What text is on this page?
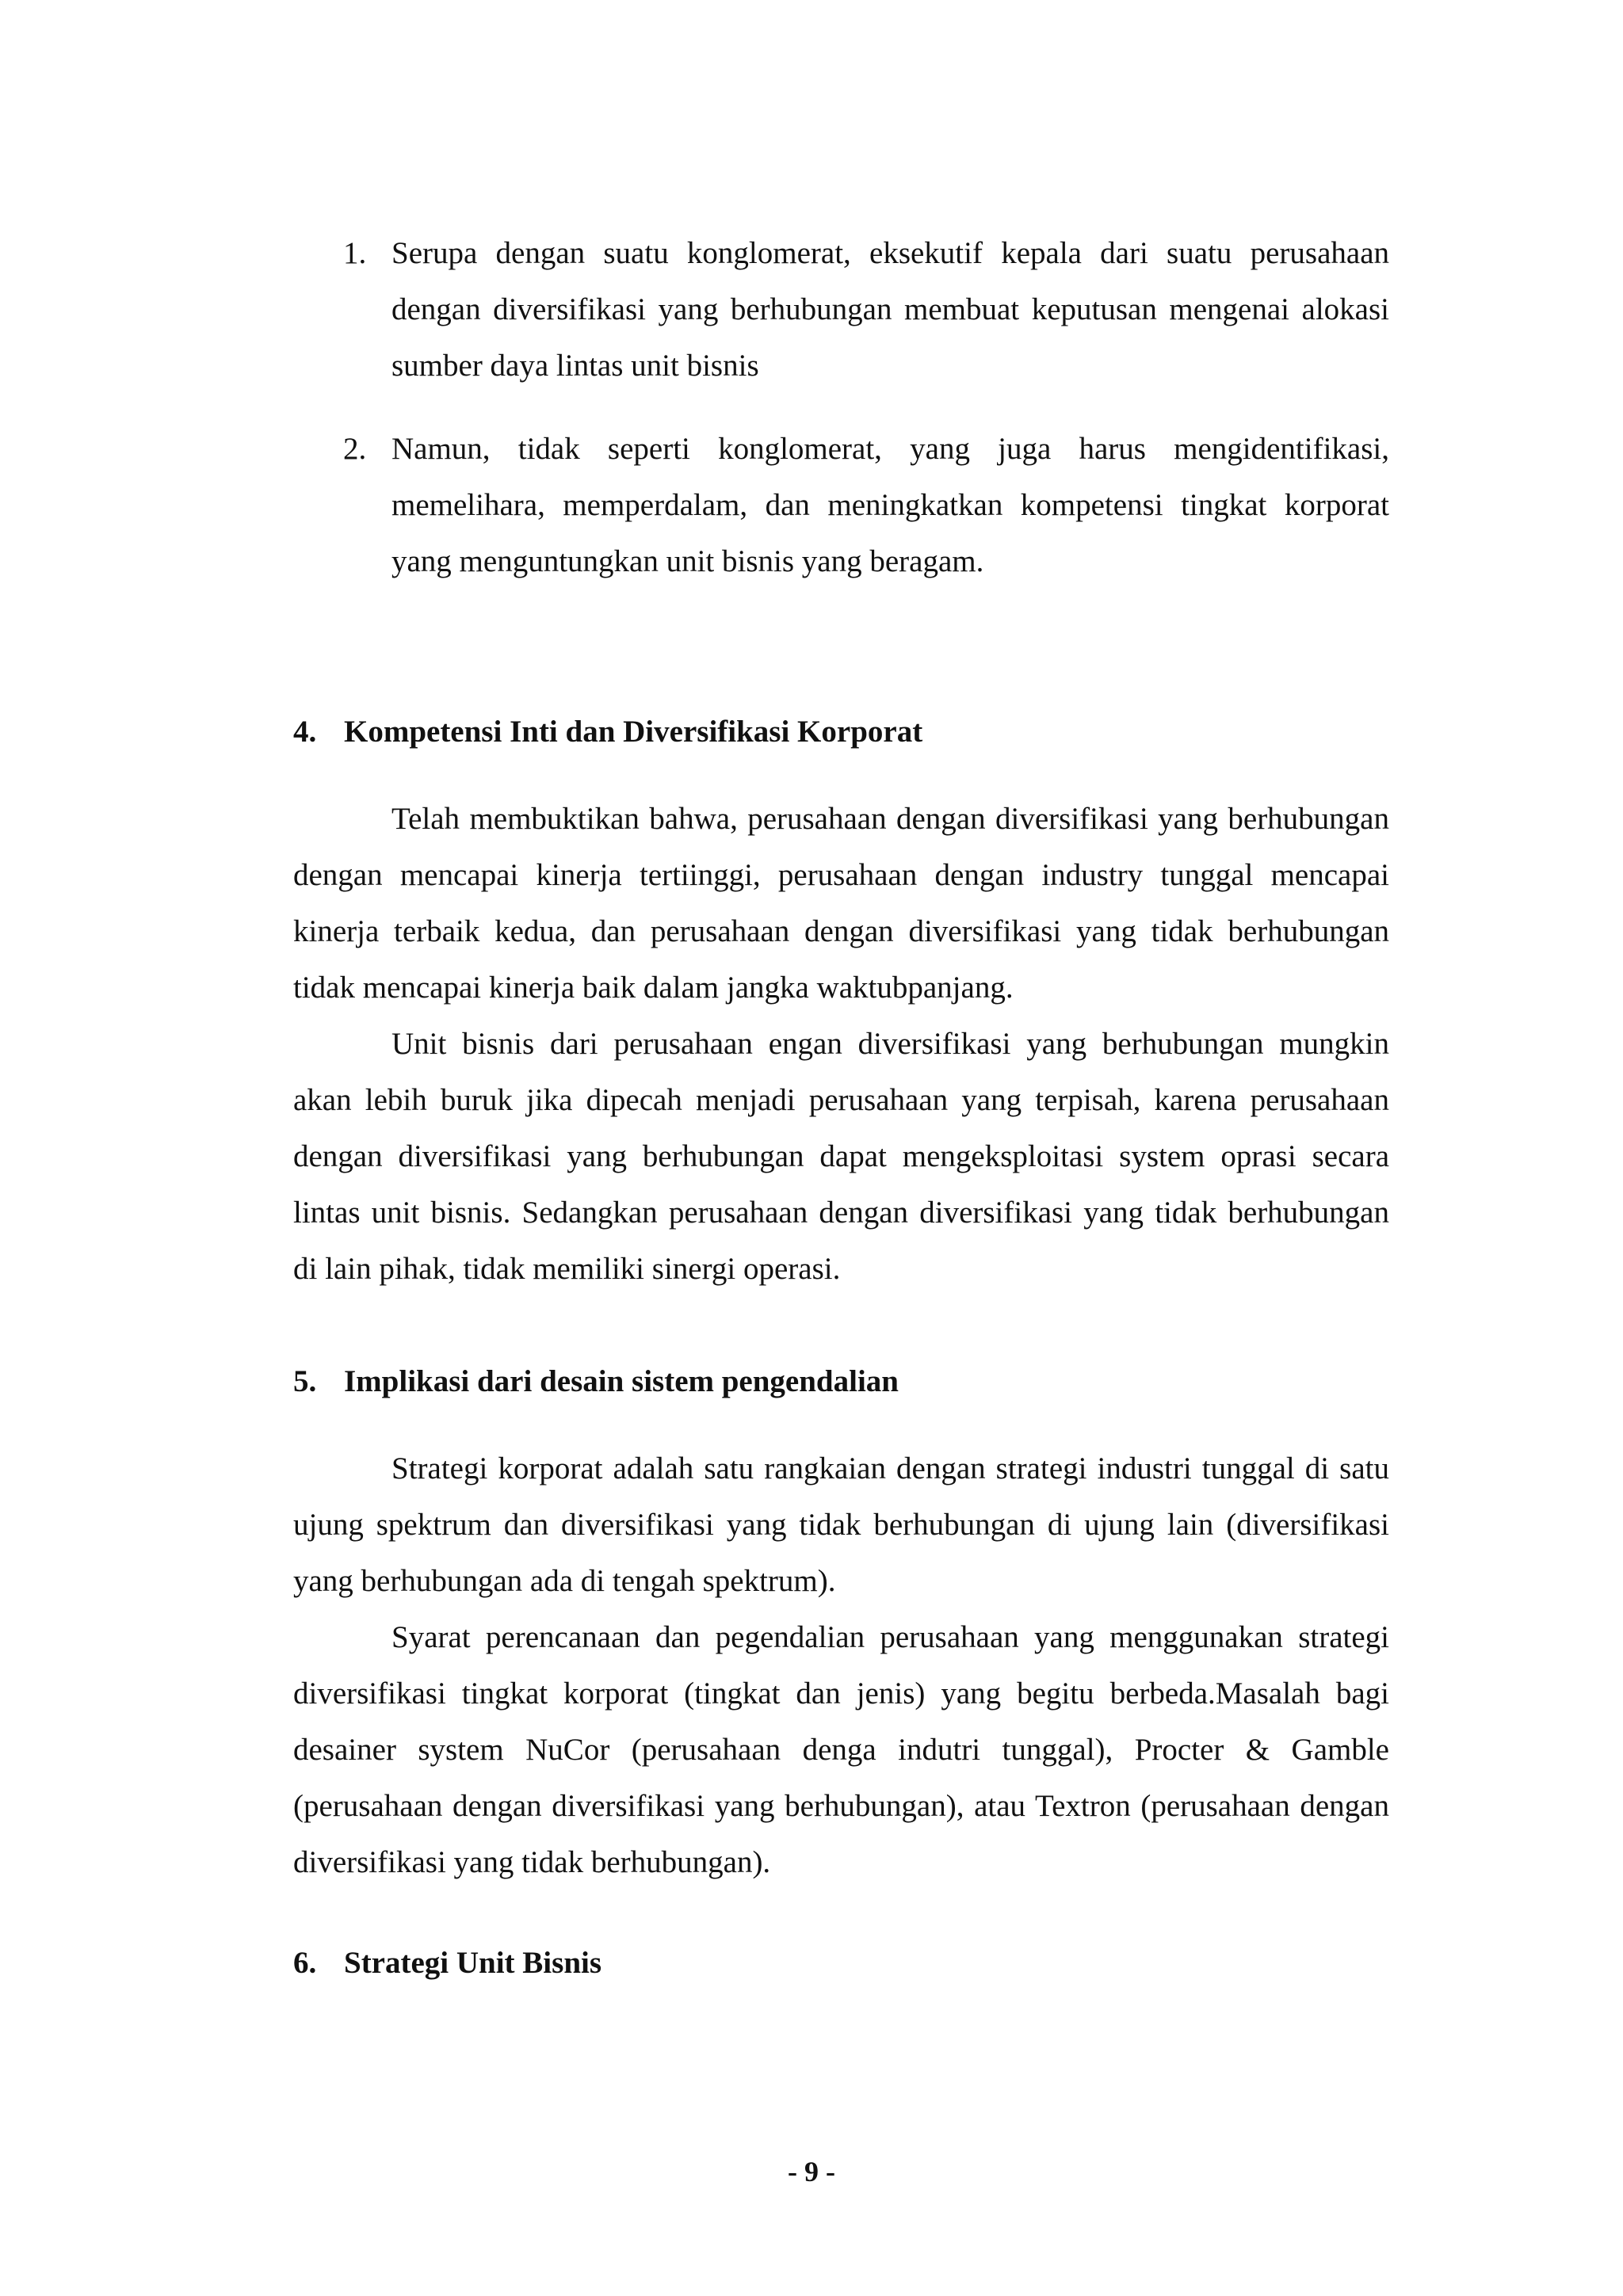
1. Serupa dengan suatu konglomerat, eksekutif kepala dari suatu perusahaan dengan diversifikasi yang berhubungan membuat keputusan mengenai alokasi sumber daya lintas unit bisnis
2. Namun, tidak seperti konglomerat, yang juga harus mengidentifikasi, memelihara, memperdalam, dan meningkatkan kompetensi tingkat korporat yang menguntungkan unit bisnis yang beragam.
4. Kompetensi Inti dan Diversifikasi Korporat

Telah membuktikan bahwa, perusahaan dengan diversifikasi yang berhubungan dengan mencapai kinerja tertiinggi, perusahaan dengan industry tunggal mencapai kinerja terbaik kedua, dan perusahaan dengan diversifikasi yang tidak berhubungan tidak mencapai kinerja baik dalam jangka waktubpanjang.

Unit bisnis dari perusahaan engan diversifikasi yang berhubungan mungkin akan lebih buruk jika dipecah menjadi perusahaan yang terpisah, karena perusahaan dengan diversifikasi yang berhubungan dapat mengeksploitasi system oprasi secara lintas unit bisnis. Sedangkan perusahaan dengan diversifikasi yang tidak berhubungan di lain pihak, tidak memiliki sinergi operasi.

5. Implikasi dari desain sistem pengendalian

Strategi korporat adalah satu rangkaian dengan strategi industri tunggal di satu ujung spektrum dan diversifikasi yang tidak berhubungan di ujung lain (diversifikasi yang berhubungan ada di tengah spektrum).

Syarat perencanaan dan pegendalian perusahaan yang menggunakan strategi diversifikasi tingkat korporat (tingkat dan jenis) yang begitu berbeda.Masalah bagi desainer system NuCor (perusahaan denga indutri tunggal), Procter & Gamble (perusahaan dengan diversifikasi yang berhubungan), atau Textron (perusahaan dengan diversifikasi yang tidak berhubungan).

6. Strategi Unit Bisnis
- 9 -
